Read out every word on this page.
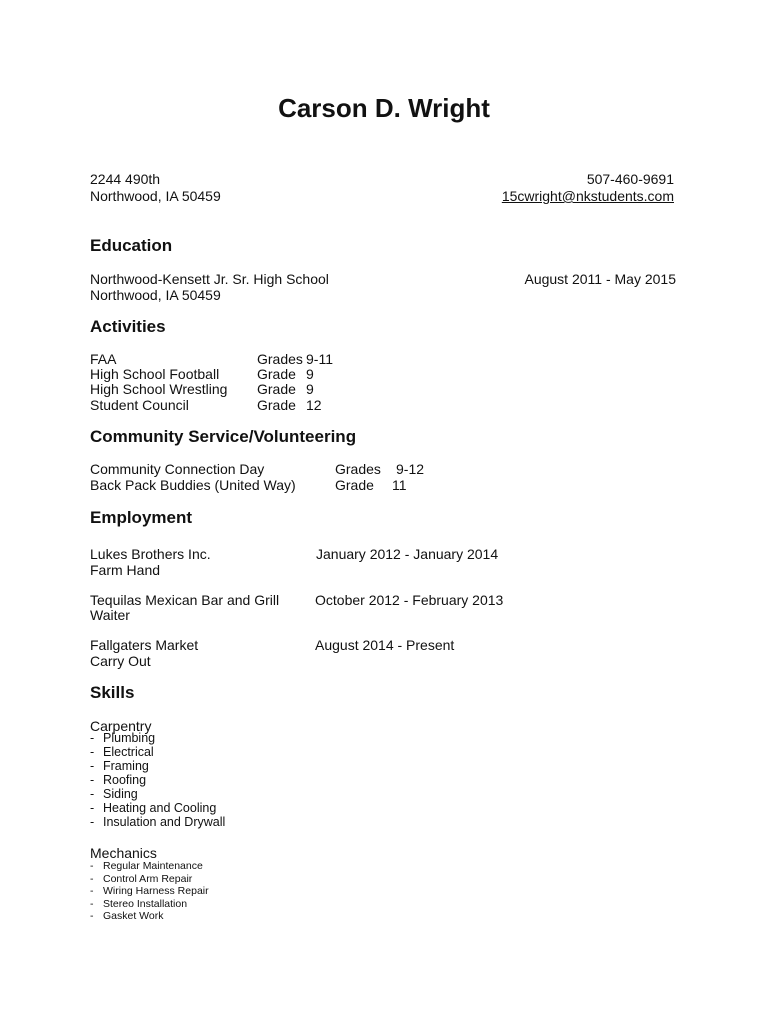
Carson D. Wright
2244 490th
Northwood, IA 50459
507-460-9691
15cwright@nkstudents.com
Education
Northwood-Kensett Jr. Sr. High School
Northwood, IA 50459
August 2011 - May 2015
Activities
FAA	Grades 9-11
High School Football	Grade 9
High School Wrestling Grade 9
Student Council	Grade 12
Community Service/Volunteering
Community Connection Day	Grades 9-12
Back Pack Buddies (United Way)	Grade 11
Employment
Lukes Brothers Inc.	January 2012 - January 2014
Farm Hand
Tequilas Mexican Bar and Grill	October 2012 - February 2013
Waiter
Fallgaters Market	August 2014 - Present
Carry Out
Skills
Carpentry
- Plumbing
- Electrical
- Framing
- Roofing
- Siding
- Heating and Cooling
- Insulation and Drywall
Mechanics
- Regular Maintenance
- Control Arm Repair
- Wiring Harness Repair
- Stereo Installation
- Gasket Work
